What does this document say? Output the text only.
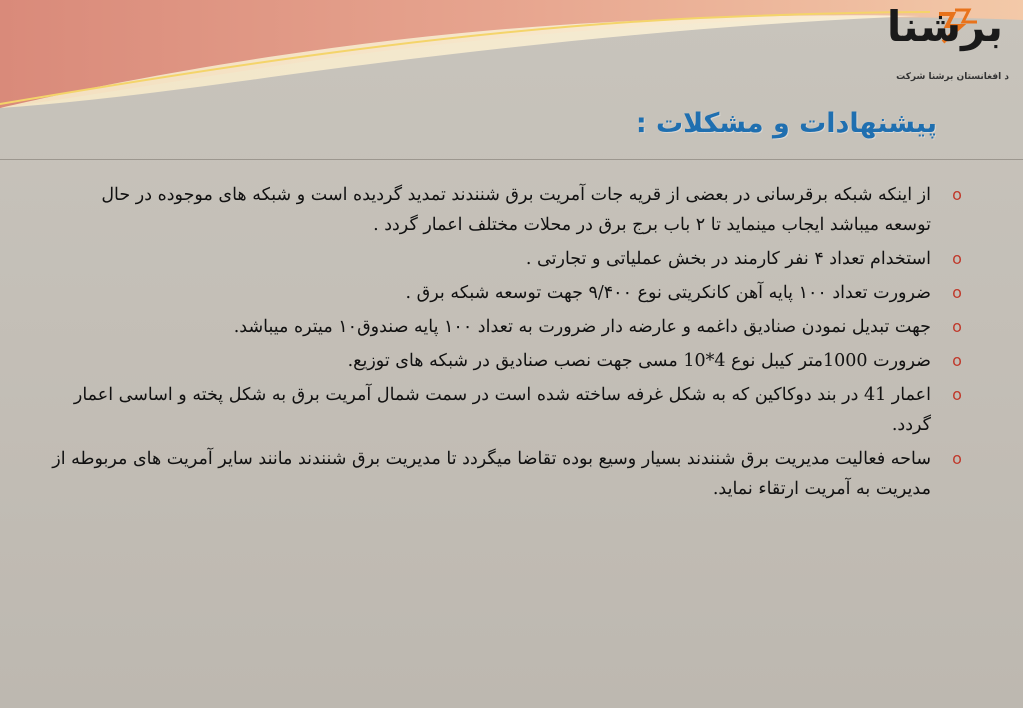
برشنا
د افغانستان برشنا شرکت
پیشنهادات و مشکلات :
o
از اینکه شبکه برقرسانی در بعضی از قریه جات آمریت برق شنندند تمدید گردیده است و شبکه های موجوده در حال توسعه میباشد ایجاب مینماید تا ۲ باب برج برق در محلات مختلف اعمار گردد .
o
استخدام تعداد ۴ نفر کارمند در بخش عملیاتی و تجارتی .
o
ضرورت تعداد ۱۰۰ پایه آهن کانکریتی نوع ۹/۴۰۰ جهت توسعه شبکه برق .
o
جهت تبدیل نمودن صنادیق داغمه و عارضه دار ضرورت به تعداد ۱۰۰ پایه صندوق۱۰ میتره میباشد.
o
ضرورت 1000متر کیبل نوع 4*10 مسی جهت نصب صنادیق در شبکه های توزیع.
o
اعمار 41 در بند دوکاکین که به شکل غرفه ساخته شده است در سمت شمال آمریت برق به شکل پخته و اساسی اعمار گردد.
o
ساحه فعالیت مدیریت برق شنندند بسیار وسیع بوده تقاضا میگردد تا مدیریت برق شنندند مانند سایر آمریت های مربوطه از مدیریت به آمریت ارتقاء نماید.
